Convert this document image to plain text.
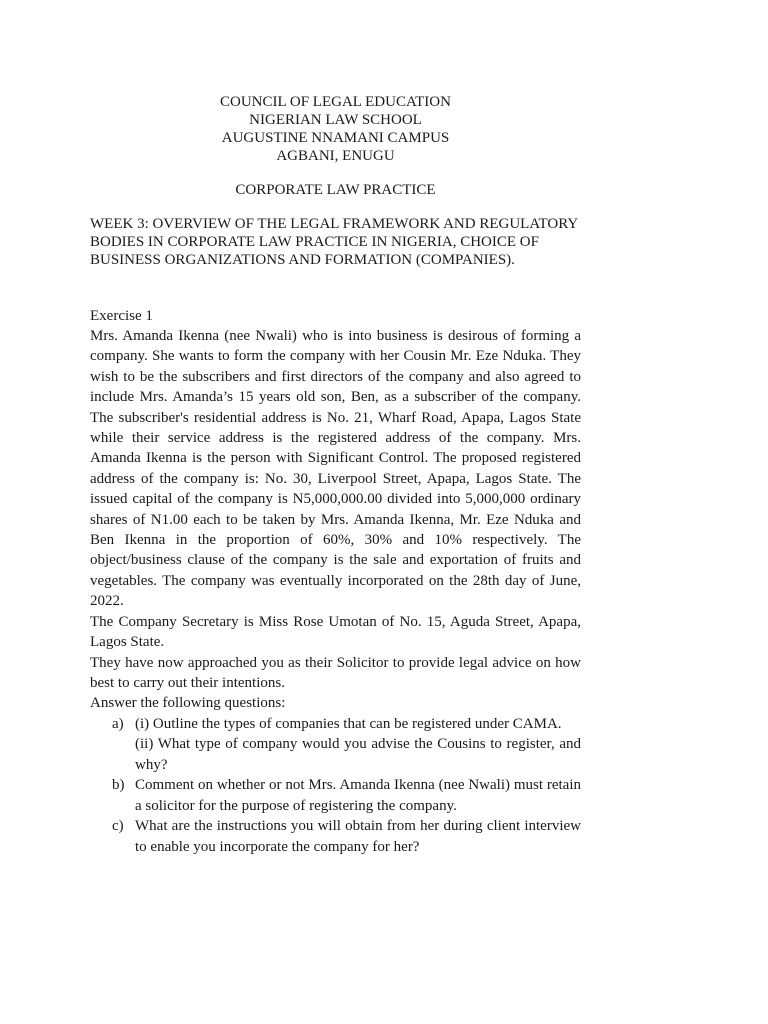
COUNCIL OF LEGAL EDUCATION
NIGERIAN LAW SCHOOL
AUGUSTINE NNAMANI CAMPUS
AGBANI, ENUGU
CORPORATE LAW PRACTICE
WEEK 3: OVERVIEW OF THE LEGAL FRAMEWORK AND REGULATORY BODIES IN CORPORATE LAW PRACTICE IN NIGERIA, CHOICE OF BUSINESS ORGANIZATIONS AND FORMATION (COMPANIES).
Exercise 1

Mrs. Amanda Ikenna (nee Nwali) who is into business is desirous of forming a company. She wants to form the company with her Cousin Mr. Eze Nduka. They wish to be the subscribers and first directors of the company and also agreed to include Mrs. Amanda’s 15 years old son, Ben, as a subscriber of the company. The subscriber's residential address is No. 21, Wharf Road, Apapa, Lagos State while their service address is the registered address of the company. Mrs. Amanda Ikenna is the person with Significant Control. The proposed registered address of the company is: No. 30, Liverpool Street, Apapa, Lagos State. The issued capital of the company is N5,000,000.00 divided into 5,000,000 ordinary shares of N1.00 each to be taken by Mrs. Amanda Ikenna, Mr. Eze Nduka and Ben Ikenna in the proportion of 60%, 30% and 10% respectively. The object/business clause of the company is the sale and exportation of fruits and vegetables. The company was eventually incorporated on the 28th day of June, 2022.

The Company Secretary is Miss Rose Umotan of No. 15, Aguda Street, Apapa, Lagos State.

They have now approached you as their Solicitor to provide legal advice on how best to carry out their intentions.

Answer the following questions:

a) (i) Outline the types of companies that can be registered under CAMA.
(ii) What type of company would you advise the Cousins to register, and why?
b) Comment on whether or not Mrs. Amanda Ikenna (nee Nwali) must retain a solicitor for the purpose of registering the company.
c) What are the instructions you will obtain from her during client interview to enable you incorporate the company for her?
